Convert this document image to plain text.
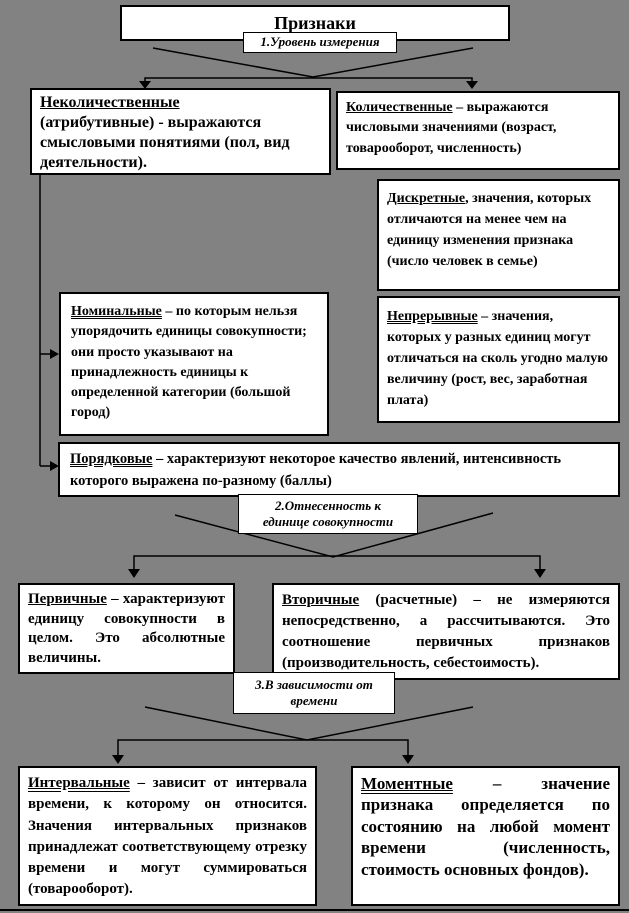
Признаки
1.Уровень измерения
2.Отнесенность к единице совокупности
3.В зависимости от времени
Неколичественные
(атрибутивные) - выражаются смысловыми понятиями (пол, вид деятельности).
Количественные – выражаются числовыми значениями (возраст, товарооборот, численность)
Дискретные, значения, которых отличаются на менее чем на единицу изменения признака (число человек в семье)
Номинальные – по которым нельзя упорядочить единицы совокупности; они просто указывают на принадлежность единицы к определенной категории (большой город)
Непрерывные – значения, которых у разных единиц могут отличаться на сколь угодно малую величину (рост, вес, заработная плата)
Порядковые – характеризуют некоторое качество явлений, интенсивность которого выражена по-разному (баллы)
Первичные – характеризуют единицу совокупности в целом. Это абсолютные величины.
Вторичные (расчетные) – не измеряются непосредственно, а рассчитываются. Это соотношение первичных признаков (производительность, себестоимость).
Интервальные – зависит от интервала времени, к которому он относится. Значения интервальных признаков принадлежат соответствующему отрезку времени и могут суммироваться (товарооборот).
Моментные – значение признака определяется по состоянию на любой момент времени (численность, стоимость основных фондов).
